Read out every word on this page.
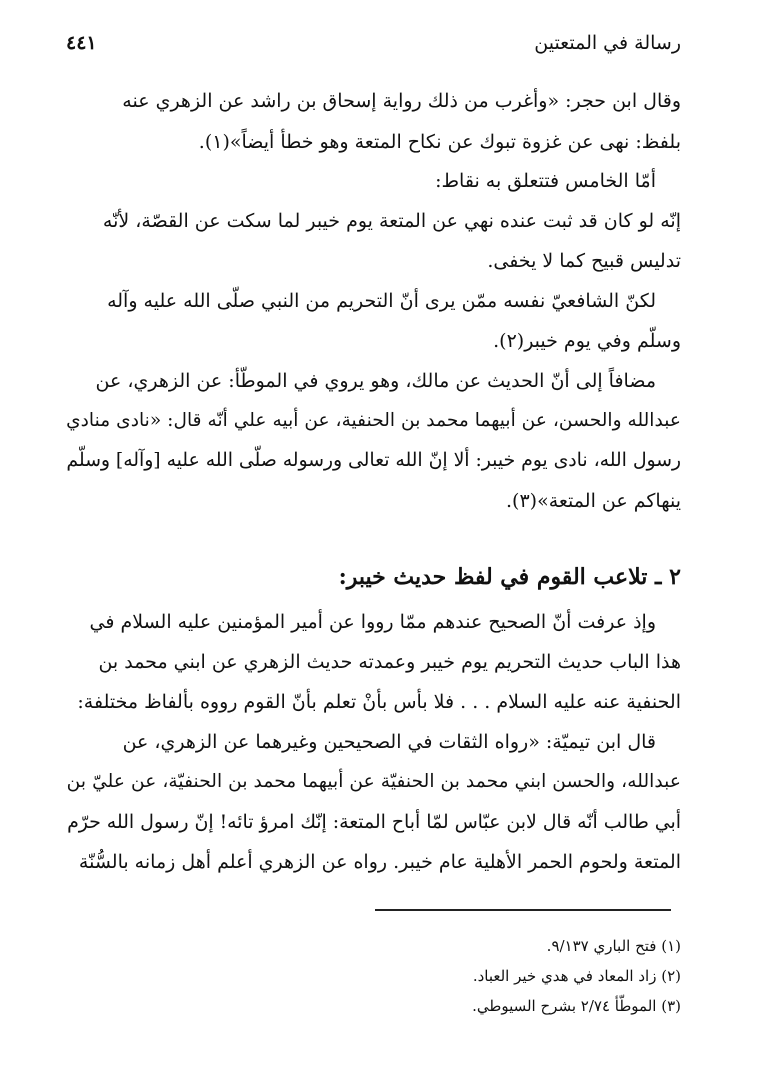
رسالة في المتعتين
٤٤١
وقال ابن حجر: «وأغرب من ذلك رواية إسحاق بن راشد عن الزهري عنه
بلفظ: نهى عن غزوة تبوك عن نكاح المتعة وهو خطأ أيضاً»(١).
أمّا الخامس فتتعلق به نقاط:
إنّه لو كان قد ثبت عنده نهي عن المتعة يوم خيبر لما سكت عن القصّة، لأنّه
تدليس قبيح كما لا يخفى.
لكنّ الشافعيّ نفسه ممّن يرى أنّ التحريم من النبي صلّى الله عليه وآله
وسلّم وفي يوم خيبر(٢).
مضافاً إلى أنّ الحديث عن مالك، وهو يروي في الموطّأ: عن الزهري، عن
عبدالله والحسن، عن أبيهما محمد بن الحنفية، عن أبيه علي أنّه قال: «نادى منادي
رسول الله، نادى يوم خيبر: ألا إنّ الله تعالى ورسوله صلّى الله عليه [وآله] وسلّم
ينهاكم عن المتعة»(٣).
٢ ـ تلاعب القوم في لفظ حديث خيبر:
وإذ عرفت أنّ الصحيح عندهم ممّا رووا عن أمير المؤمنين عليه السلام في
هذا الباب حديث التحريم يوم خيبر وعمدته حديث الزهري عن ابني محمد بن
الحنفية عنه عليه السلام . . . فلا بأس بأنْ تعلم بأنّ القوم رووه بألفاظ مختلفة:
قال ابن تيميّة: «رواه الثقات في الصحيحين وغيرهما عن الزهري، عن
عبدالله، والحسن ابني محمد بن الحنفيّة عن أبيهما محمد بن الحنفيّة، عن عليّ بن
أبي طالب أنّه قال لابن عبّاس لمّا أباح المتعة: إنّك امرؤ تائه! إنّ رسول الله حرّم
المتعة ولحوم الحمر الأهلية عام خيبر. رواه عن الزهري أعلم أهل زمانه بالسُّنّة
(١) فتح الباري ٩/١٣٧.
(٢) زاد المعاد في هدي خير العباد.
(٣) الموطّأ ٢/٧٤ بشرح السيوطي.
